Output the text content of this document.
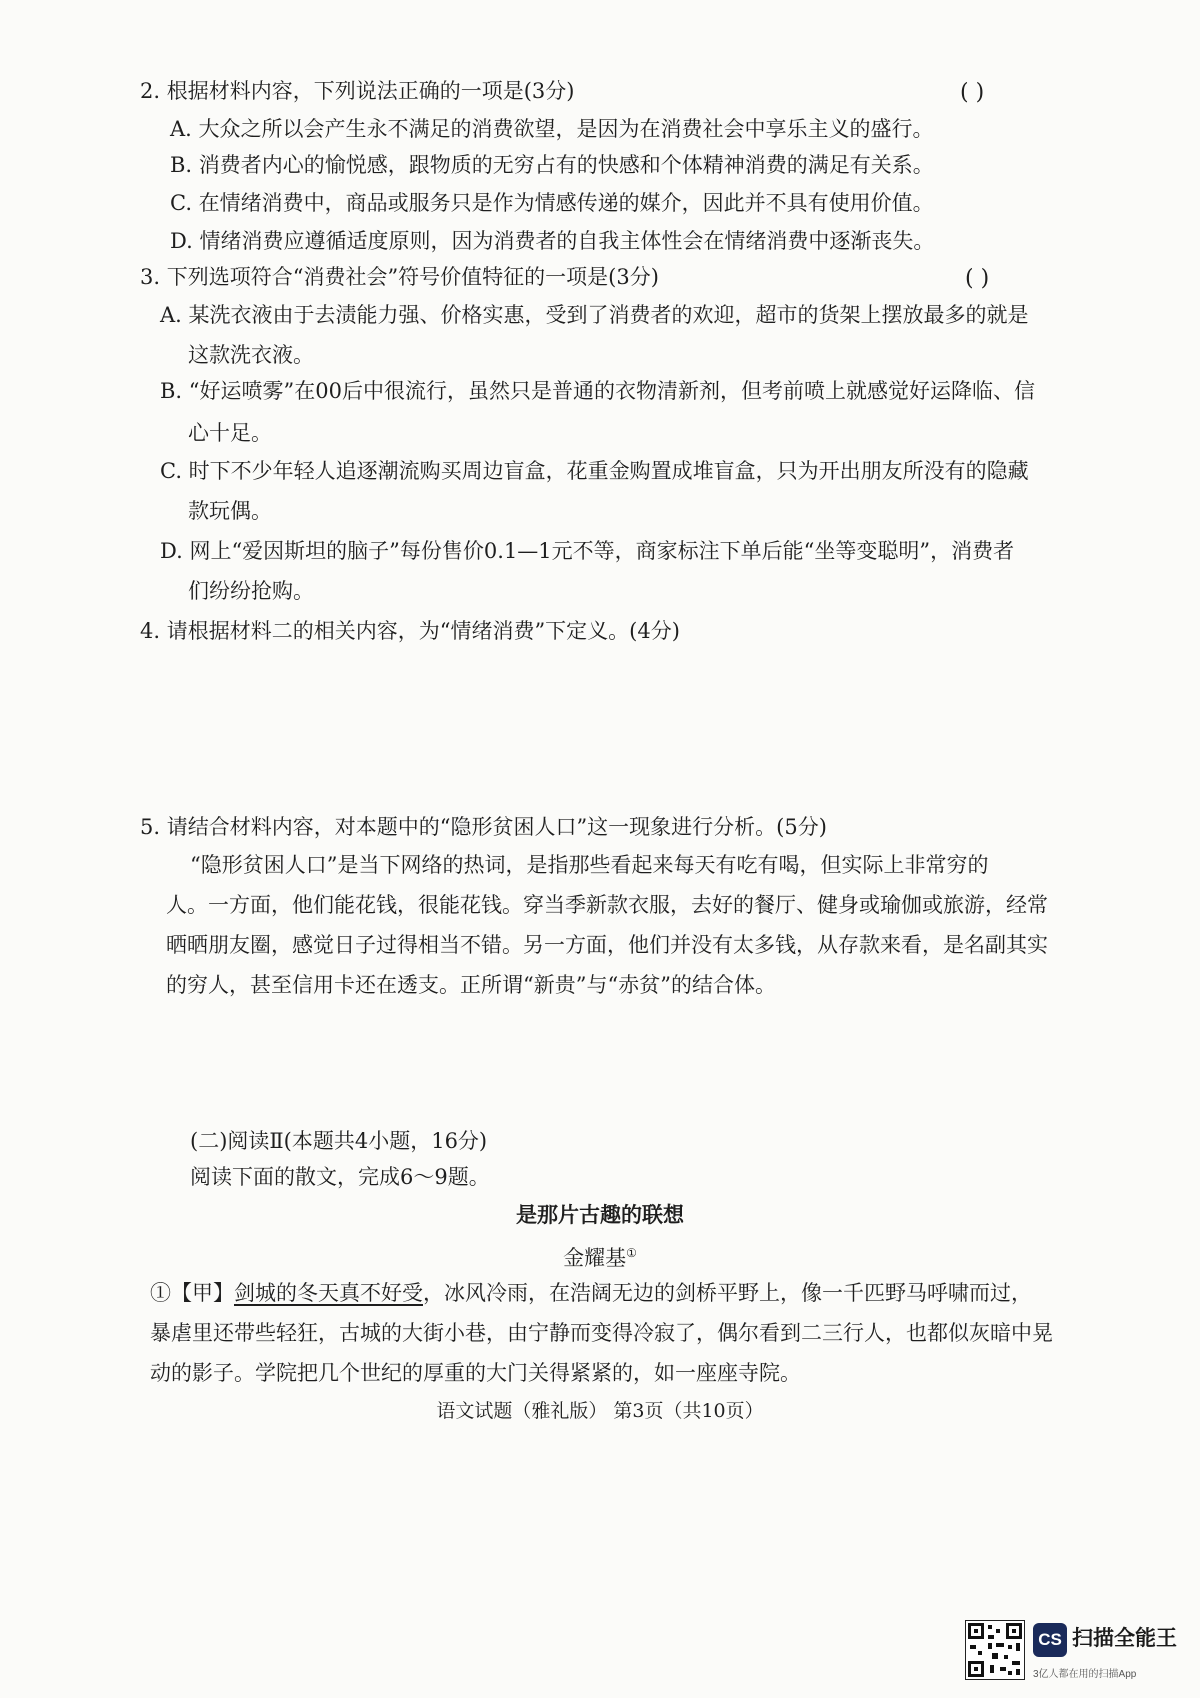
2. 根据材料内容，下列说法正确的一项是(3分)	( )
A. 大众之所以会产生永不满足的消费欲望，是因为在消费社会中享乐主义的盛行。
B. 消费者内心的愉悦感，跟物质的无穷占有的快感和个体精神消费的满足有关系。
C. 在情绪消费中，商品或服务只是作为情感传递的媒介，因此并不具有使用价值。
D. 情绪消费应遵循适度原则，因为消费者的自我主体性会在情绪消费中逐渐丧失。
3. 下列选项符合“消费社会”符号价值特征的一项是(3分)	( )
A. 某洗衣液由于去渍能力强、价格实惠，受到了消费者的欢迎，超市的货架上摆放最多的就是
这款洗衣液。
B. “好运喷雾”在00后中很流行，虽然只是普通的衣物清新剂，但考前喷上就感觉好运降临、信
心十足。
C. 时下不少年轻人追逐潮流购买周边盲盒，花重金购置成堆盲盒，只为开出朋友所没有的隐藏
款玩偶。
D. 网上“爱因斯坦的脑子”每份售价0.1—1元不等，商家标注下单后能“坐等变聪明”，消费者
们纷纷抢购。
4. 请根据材料二的相关内容，为“情绪消费”下定义。(4分)
5. 请结合材料内容，对本题中的“隐形贫困人口”这一现象进行分析。(5分)
“隐形贫困人口”是当下网络的热词，是指那些看起来每天有吃有喝，但实际上非常穷的
人。一方面，他们能花钱，很能花钱。穿当季新款衣服，去好的餐厅、健身或瑜伽或旅游，经常
晒晒朋友圈，感觉日子过得相当不错。另一方面，他们并没有太多钱，从存款来看，是名副其实
的穷人，甚至信用卡还在透支。正所谓“新贵”与“赤贫”的结合体。
(二)阅读Ⅱ(本题共4小题，16分)
阅读下面的散文，完成6～9题。
是那片古趣的联想
金耀基①
①【甲】剑城的冬天真不好受，冰风冷雨，在浩阔无边的剑桥平野上，像一千匹野马呼啸而过，
暴虐里还带些轻狂，古城的大街小巷，由宁静而变得冷寂了，偶尔看到二三行人，也都似灰暗中晃
动的影子。学院把几个世纪的厚重的大门关得紧紧的，如一座座寺院。
语文试题（雅礼版） 第3页（共10页）
CS 扫描全能王
3亿人都在用的扫描App
